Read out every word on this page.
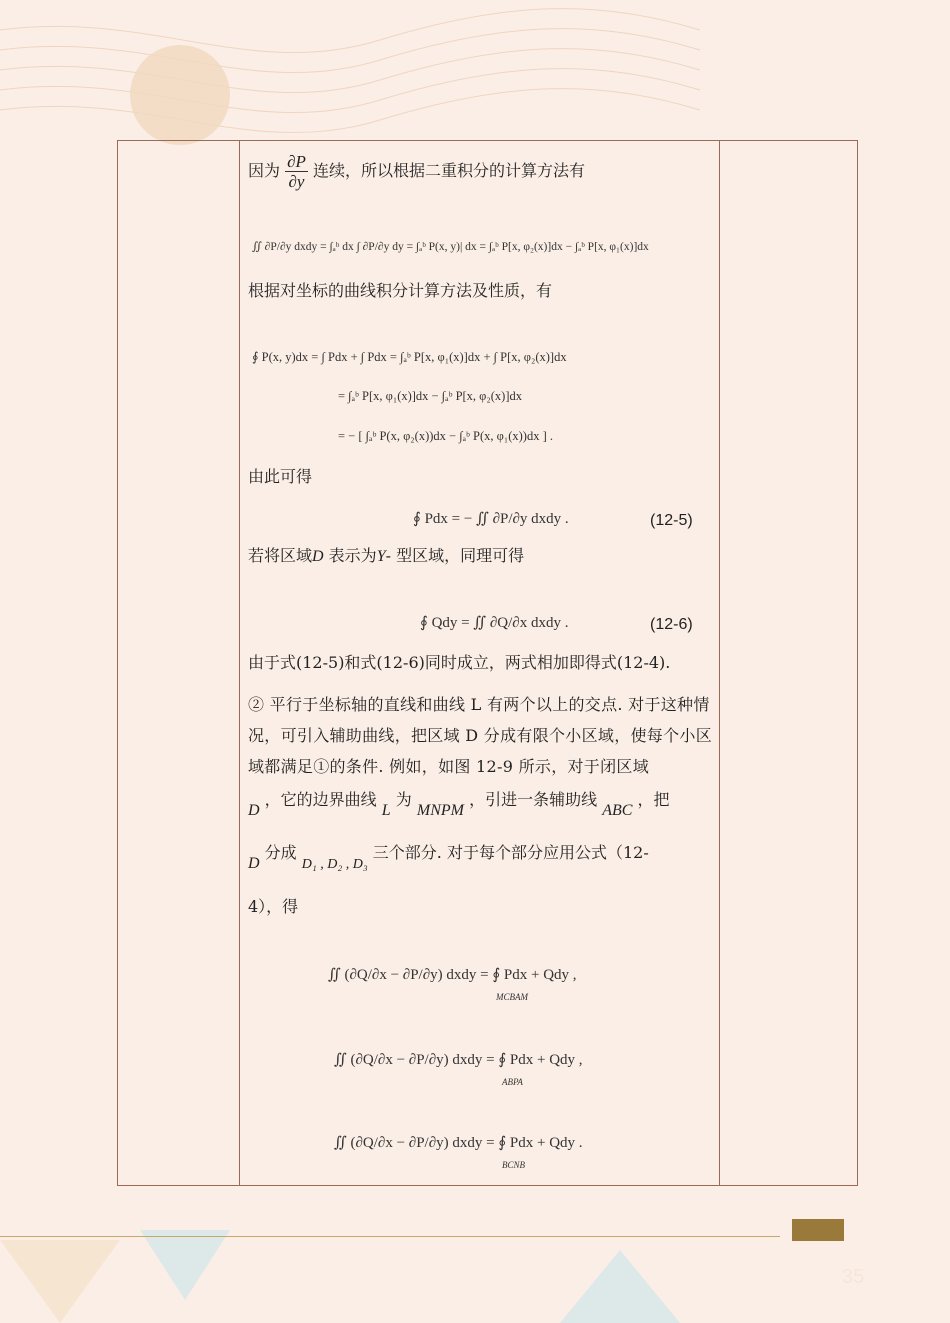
因为 $\frac{\partial P}{\partial y}$ 连续，所以根据二重积分的计算方法有
∬ ∂P/∂y dxdy = ∫ₐᵇ dx ∫ ∂P/∂y dy = ∫ₐᵇ P(x, y)| dx = ∫ₐᵇ P[x, φ₂(x)]dx − ∫ₐᵇ P[x, φ₁(x)]dx
根据对坐标的曲线积分计算方法及性质，有
∮ P(x, y)dx = ∫ Pdx + ∫ Pdx = ∫ₐᵇ P[x, φ₁(x)]dx + ∫ P[x, φ₂(x)]dx
= ∫ₐᵇ P[x, φ₁(x)]dx − ∫ₐᵇ P[x, φ₂(x)]dx
= − [ ∫ₐᵇ P(x, φ₂(x))dx − ∫ₐᵇ P(x, φ₁(x))dx ] .
由此可得
∮ Pdx = − ∬ ∂P/∂y dxdy .	(12-5)
若将区域D 表示为Y- 型区域，同理可得
∮ Qdy = ∬ ∂Q/∂x dxdy .	(12-6)
由于式(12-5)和式(12-6)同时成立，两式相加即得式(12-4).
② 平行于坐标轴的直线和曲线 L 有两个以上的交点. 对于这种情况，可引入辅助曲线，把区域 D 分成有限个小区域，使每个小区域都满足①的条件. 例如，如图 12-9 所示，对于闭区域
D ，它的边界曲线 L 为 MNPM ，引进一条辅助线 ABC ，把
D 分成 D₁ , D₂ , D₃ 三个部分. 对于每个部分应用公式（12-
4），得
∬ (∂Q/∂x − ∂P/∂y) dxdy = ∮ Pdx + Qdy ,
MCBAM
∬ (∂Q/∂x − ∂P/∂y) dxdy = ∮ Pdx + Qdy ,
ABPA
∬ (∂Q/∂x − ∂P/∂y) dxdy = ∮ Pdx + Qdy .
BCNB
35
